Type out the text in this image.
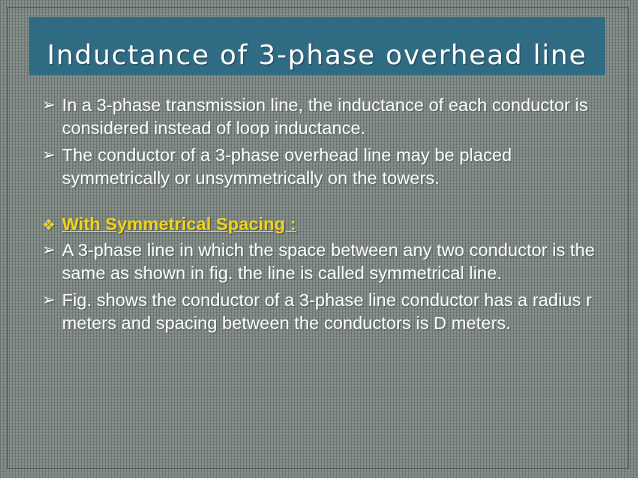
Inductance of 3-phase overhead line
➢ In a 3-phase transmission line, the inductance of each conductor is considered instead of loop inductance.
➢ The conductor of a 3-phase overhead line may be placed symmetrically or unsymmetrically on the towers.
❖ With Symmetrical Spacing :
➢ A 3-phase line in which the space between any two conductor is the same as shown in fig. the line is called symmetrical line.
➢ Fig. shows the conductor of a 3-phase line conductor has a radius r meters and spacing between the conductors is D meters.
